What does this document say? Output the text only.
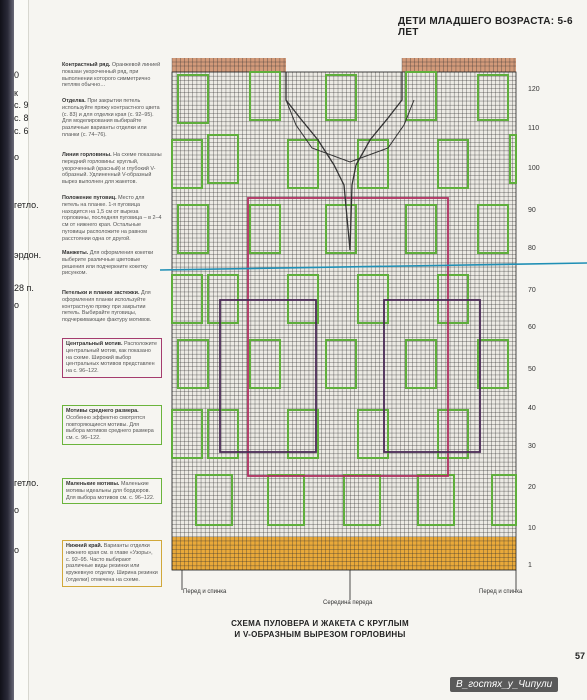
0
к
с. 9
с. 8
с. 6
о
гетло.
эрдон.
28 п.
о
гетло.
о
о
ДЕТИ МЛАДШЕГО ВОЗРАСТА: 5-6 ЛЕТ
Контрастный ряд. Оранжевой линией показан укороченный ряд, при выполнении которого симметрично петлям обычно…
Отделка. При закрытии петель используйте пряжу контрастного цвета (с. 83) и для отделки края (с. 92–95). Для моделирования выбирайте различные варианты отделки или планки (с. 74–76).
Линия горловины. На схеме показаны передний горловины: круглый, укороченный (красный) и глубокий V-образный. Удлиненный V-образный вырез выполнен для жакетов.
Положение пуговиц. Место для петель на планке. 1-я пуговица находится на 1,5 см от выреза горловины, последняя пуговица – в 2–4 см от нижнего края. Остальные пуговицы расположите на равном расстоянии одна от другой.
Манжеты. Для оформления кокетки выберите различные цветовые решения или подчеркните кокетку рисунком.
Петельки и планки застежки. Для оформления планки используйте контрастную пряжу при закрытии петель. Выбирайте пуговицы, подчеркивающие фактуру мотивов.
Центральный мотив. Расположите центральный мотив, как показано на схеме. Широкий выбор центральных мотивов представлен на с. 96–122.
Мотивы среднего размера. Особенно эффектно смотрятся повторяющиеся мотивы. Для выбора мотивов среднего размера см. с. 96–122.
Маленькие мотивы. Маленькие мотивы идеальны для бордюров. Для выбора мотивов см. с. 96–122.
Нижний край. Варианты отделки нижнего края см. в главе «Узоры», с. 92–95. Часто выбирают различные виды резинки или кружевную отделку. Ширина резинки (отделки) отмечена на схеме.
120
110
100
90
80
70
60
50
40
30
20
10
1
Перед и спинка
Середина переда
Перед и спинка
СХЕМА ПУЛОВЕРА И ЖАКЕТА С КРУГЛЫМ
И V-ОБРАЗНЫМ ВЫРЕЗОМ ГОРЛОВИНЫ
57
В_гостях_у_Чипули
